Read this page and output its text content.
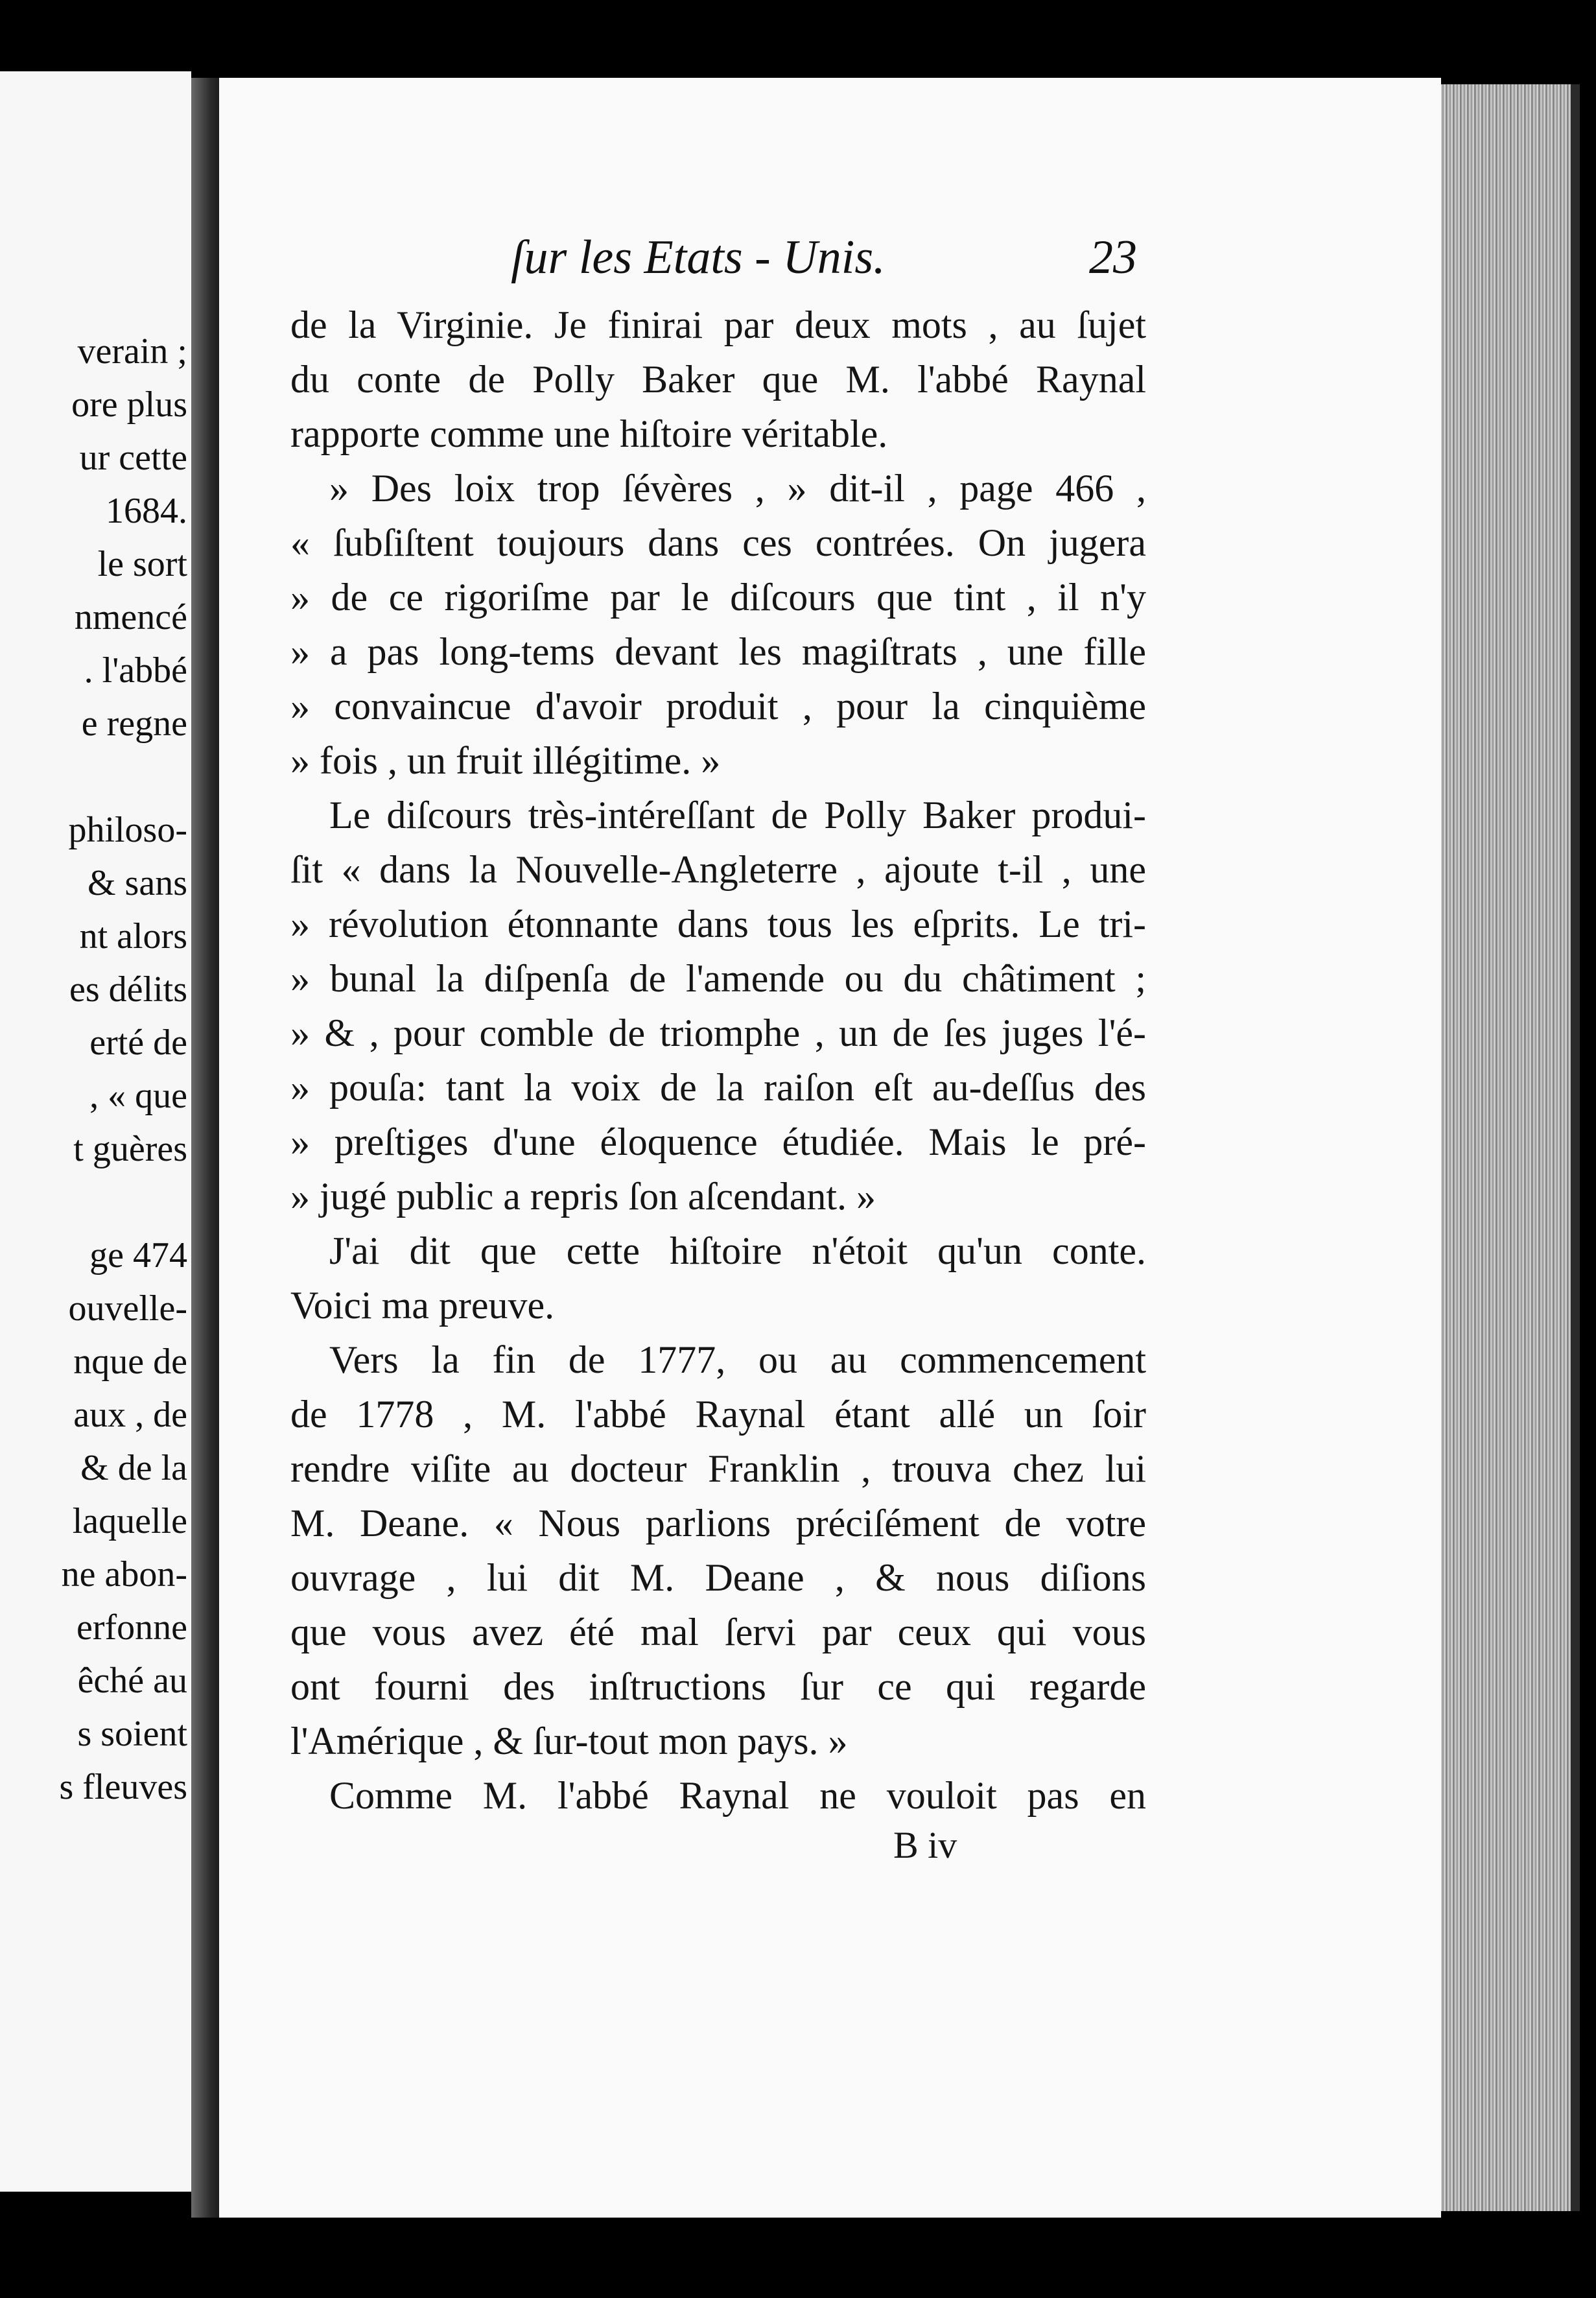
verain ;
ore plus
ur cette
1684.
le sort
nmencé
. l'abbé
e regne
philoso-
& sans
nt alors
es délits
erté de
, « que
t guères
ge 474
ouvelle-
nque de
aux , de
& de la
laquelle
ne abon-
erfonne
êché au
s soient
s fleuves
ſur les Etats - Unis.	23
de la Virginie. Je finirai par deux mots , au ſujet
du conte de Polly Baker que M. l'abbé Raynal
rapporte comme une hiſtoire véritable.
» Des loix trop ſévères , » dit-il , page 466 ,
« ſubſiſtent toujours dans ces contrées. On jugera
» de ce rigoriſme par le diſcours que tint , il n'y
» a pas long-tems devant les magiſtrats , une fille
» convaincue d'avoir produit , pour la cinquième
» fois , un fruit illégitime. »
Le diſcours très-intéreſſant de Polly Baker produi-
ſit « dans la Nouvelle-Angleterre , ajoute t-il , une
» révolution étonnante dans tous les eſprits. Le tri-
» bunal la diſpenſa de l'amende ou du châtiment ;
» & , pour comble de triomphe , un de ſes juges l'é-
» pouſa: tant la voix de la raiſon eſt au-deſſus des
» preſtiges d'une éloquence étudiée. Mais le pré-
» jugé public a repris ſon aſcendant. »
J'ai dit que cette hiſtoire n'étoit qu'un conte.
Voici ma preuve.
Vers la fin de 1777, ou au commencement
de 1778 , M. l'abbé Raynal étant allé un ſoir
rendre viſite au docteur Franklin , trouva chez lui
M. Deane. « Nous parlions préciſément de votre
ouvrage , lui dit M. Deane , & nous diſions
que vous avez été mal ſervi par ceux qui vous
ont fourni des inſtructions ſur ce qui regarde
l'Amérique , & ſur-tout mon pays. »
Comme M. l'abbé Raynal ne vouloit pas en
B iv
